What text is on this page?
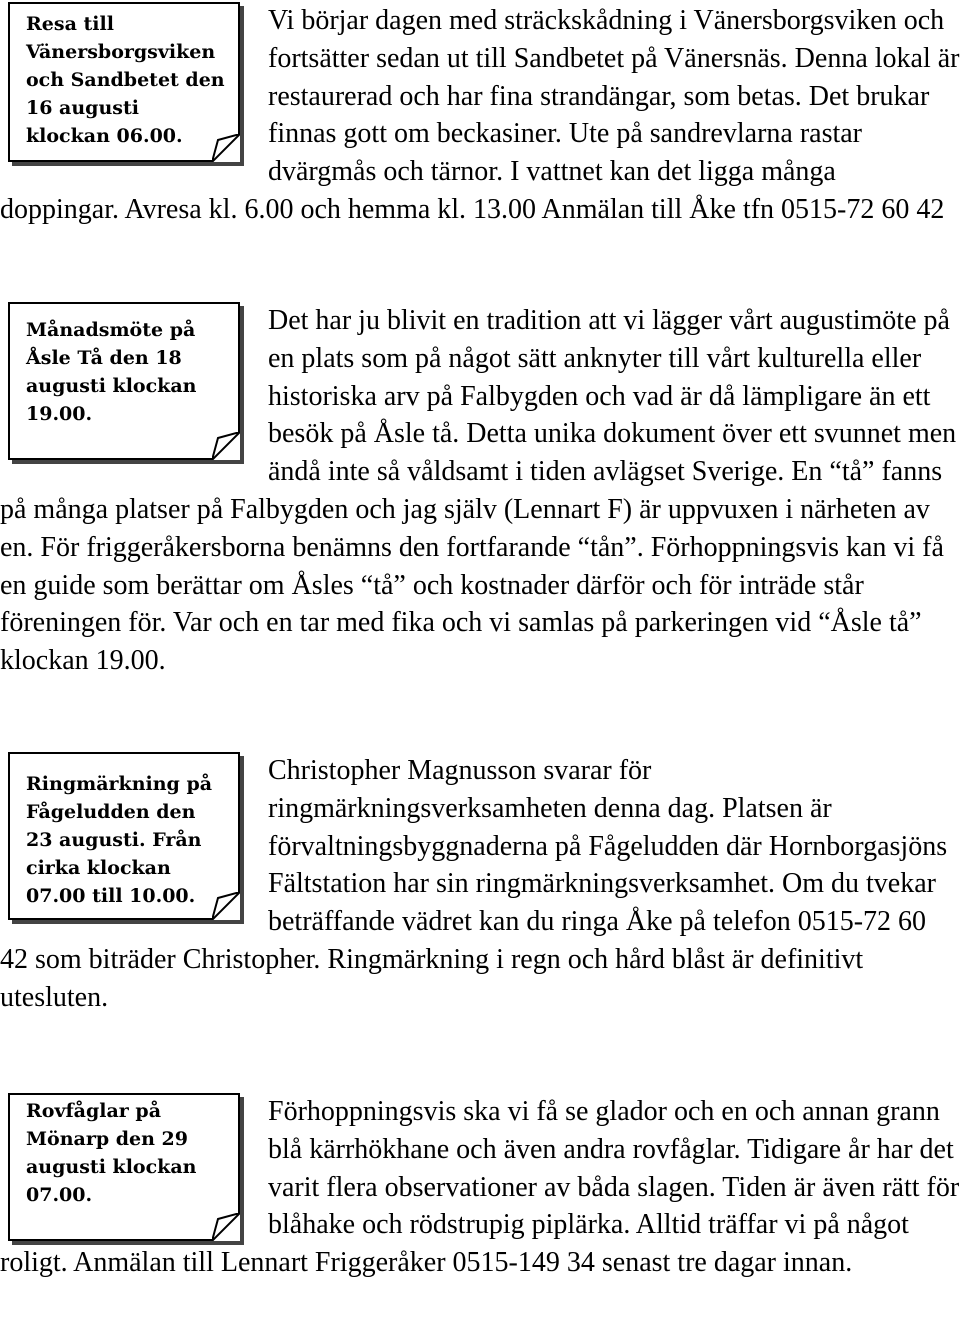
Resa till Vänersborgsviken och Sandbetet den 16 augusti klockan 06.00.

Vi börjar dagen med sträckskådning i Vänersborgsviken och fortsätter sedan ut till Sandbetet på Vänersnäs. Denna lokal är restaurerad och har fina strandängar, som betas. Det brukar finnas gott om beckasiner. Ute på sandrevlarna rastar dvärgmås och tärnor. I vattnet kan det ligga många doppingar. Avresa kl. 6.00 och hemma kl. 13.00 Anmälan till Åke tfn 0515-72 60 42

Månadsmöte på Åsle Tå den 18 augusti klockan 19.00.

Det har ju blivit en tradition att vi lägger vårt augustimöte på en plats som på något sätt anknyter till vårt kulturella eller historiska arv på Falbygden och vad är då lämpligare än ett besök på Åsle tå. Detta unika dokument över ett svunnet men ändå inte så våldsamt i tiden avlägset Sverige. En “tå” fanns på många platser på Falbygden och jag själv (Lennart F) är uppvuxen i närheten av en. För friggeråkersborna benämns den fortfarande “tån”. Förhoppningsvis kan vi få en guide som berättar om Åsles “tå” och kostnader därför och för inträde står föreningen för. Var och en tar med fika och vi samlas på parkeringen vid “Åsle tå” klockan 19.00.

Ringmärkning på Fågeludden den 23 augusti. Från cirka klockan 07.00 till 10.00.

Christopher Magnusson svarar för ringmärkningsverksamheten denna dag. Platsen är förvaltningsbyggnaderna på Fågeludden där Hornborgasjöns Fältstation har sin ringmärkningsverksamhet. Om du tvekar beträffande vädret kan du ringa Åke på telefon 0515-72 60 42 som biträder Christopher. Ringmärkning i regn och hård blåst är definitivt utesluten.

Rovfåglar på Mönarp den 29 augusti klockan 07.00.

Förhoppningsvis ska vi få se glador och en och annan grann blå kärrhökhane och även andra rovfåglar. Tidigare år har det varit flera observationer av båda slagen. Tiden är även rätt för blåhake och rödstrupig piplärka. Alltid träffar vi på något roligt. Anmälan till Lennart Friggeråker 0515-149 34 senast tre dagar innan.
